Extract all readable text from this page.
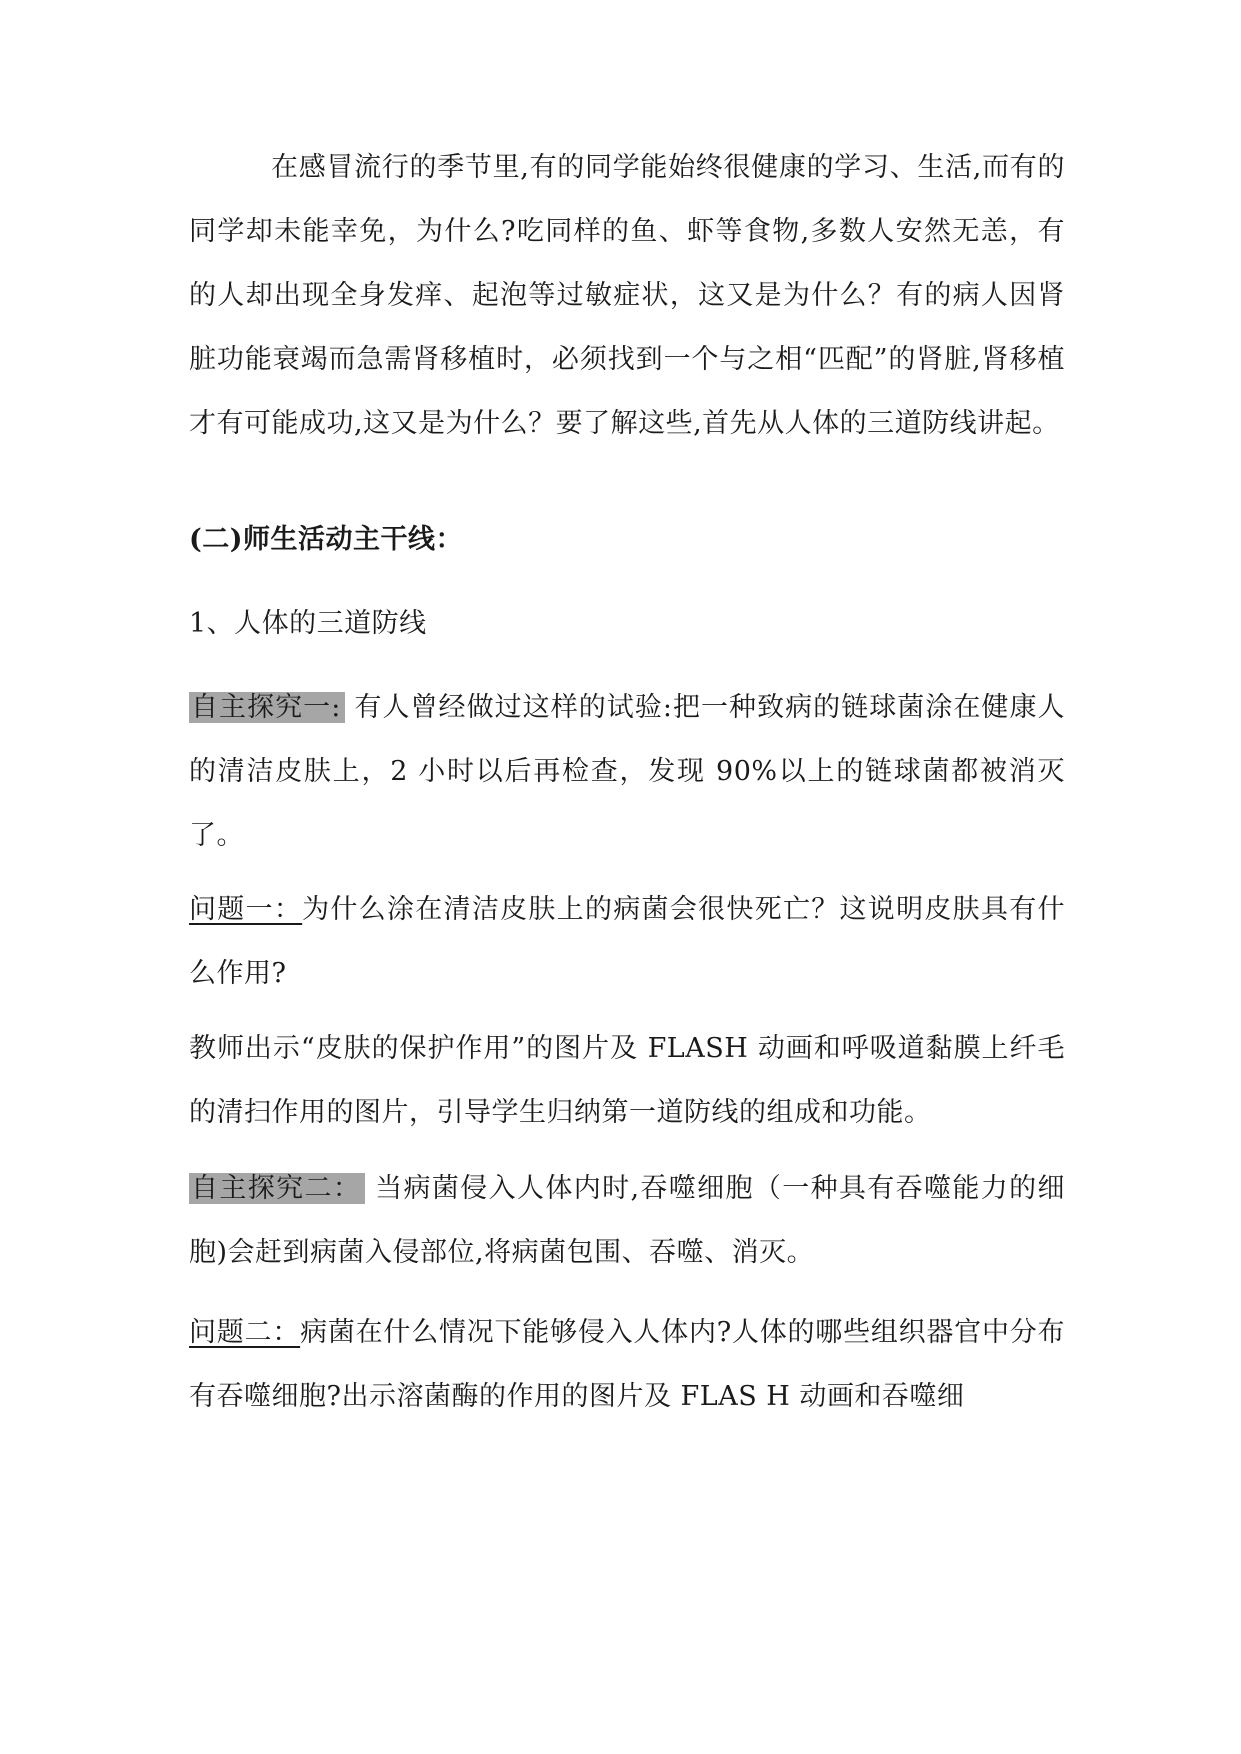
在感冒流行的季节里,有的同学能始终很健康的学习、生活,而有的同学却未能幸免，为什么?吃同样的鱼、虾等食物,多数人安然无恙，有的人却出现全身发痒、起泡等过敏症状，这又是为什么？有的病人因肾脏功能衰竭而急需肾移植时，必须找到一个与之相“匹配”的肾脏,肾移植才有可能成功,这又是为什么？要了解这些,首先从人体的三道防线讲起。

(二)师生活动主干线：

1、人体的三道防线

自主探究一: 有人曾经做过这样的试验:把一种致病的链球菌涂在健康人的清洁皮肤上，2 小时以后再检查，发现 90%以上的链球菌都被消灭了。

问题一：为什么涂在清洁皮肤上的病菌会很快死亡？这说明皮肤具有什么作用?

教师出示“皮肤的保护作用”的图片及 FLASH 动画和呼吸道黏膜上纤毛的清扫作用的图片，引导学生归纳第一道防线的组成和功能。

自主探究二： 当病菌侵入人体内时,吞噬细胞（一种具有吞噬能力的细胞)会赶到病菌入侵部位,将病菌包围、吞噬、消灭。

问题二：病菌在什么情况下能够侵入人体内?人体的哪些组织器官中分布有吞噬细胞?出示溶菌酶的作用的图片及 FLAS H 动画和吞噬细
